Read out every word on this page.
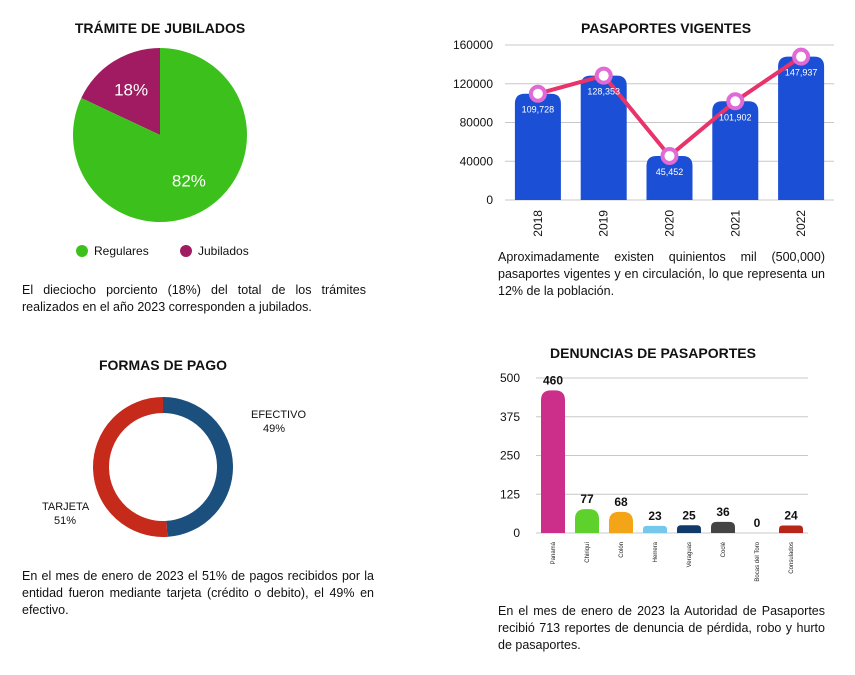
TRÁMITE DE JUBILADOS	PASAPORTES VIGENTES
FORMAS DE PAGO
DENUNCIAS DE PASAPORTES
18%
82%
Regulares	Jubilados
0
40000
80000
120000
160000
2018	2019	2020	2021	2022
109,728
128,353
45,452
101,902
147,937
EFECTIVO
49%
TARJETA
51%
0
125
250
375
500 460
Panamá
77
Chiriquí
68
Colón
23
Herrera
25
Veraguas
36
Coclé
0
Bocas del Toro
24
Consulados

El dieciocho porciento (18%) del total de los trámites realizados en el año 2023 corresponden a jubilados.

Aproximadamente existen quinientos mil (500,000) pasaportes vigentes y en circulación, lo que representa un 12% de la población.

En el mes de enero de 2023 el 51% de pagos recibidos por la entidad fueron mediante tarjeta (crédito o debito), el 49% en efectivo.	En el mes de enero de 2023 la Autoridad de Pasaportes recibió 713 reportes de denuncia de pérdida, robo y hurto de pasaportes.
